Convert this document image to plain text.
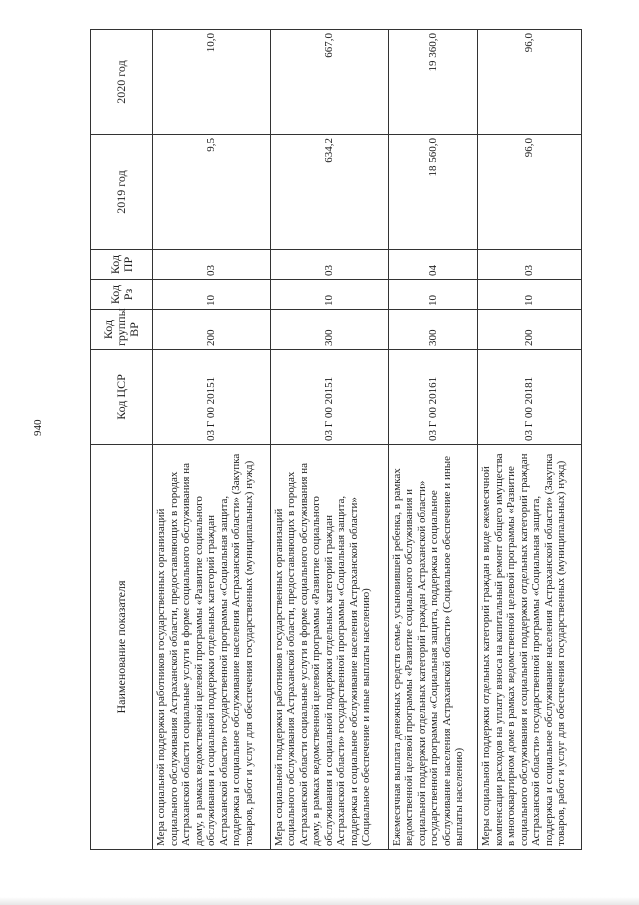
940
Наименование показателя	Код ЦСР	Код группы ВР	Код Рз	Код ПР	2019 год	2020 год
Мера социальной поддержки работников государственных организаций социального обслуживания Астраханской области, предоставляющих в городах Астраханской области социальные услуги в форме социального обслуживания на дому, в рамках ведомственной целевой программы «Развитие социального обслуживания и социальной поддержки отдельных категорий граждан Астраханской области» государственной программы «Социальная защита, поддержка и социальное обслуживание населения Астраханской области» (Закупка товаров, работ и услуг для обеспечения государственных (муниципальных) нужд)	03 Г 00 20151	200	10	03	9,5	10,0
Мера социальной поддержки работников государственных организаций социального обслуживания Астраханской области, предоставляющих в городах Астраханской области социальные услуги в форме социального обслуживания на дому, в рамках ведомственной целевой программы «Развитие социального обслуживания и социальной поддержки отдельных категорий граждан Астраханской области» государственной программы «Социальная защита, поддержка и социальное обслуживание населения Астраханской области» (Социальное обеспечение и иные выплаты населению)	03 Г 00 20151	300	10	03	634,2	667,0
Ежемесячная выплата денежных средств семье, усыновившей ребенка, в рамках ведомственной целевой программы «Развитие социального обслуживания и социальной поддержки отдельных категорий граждан Астраханской области» государственной программы «Социальная защита, поддержка и социальное обслуживание населения Астраханской области» (Социальное обеспечение и иные выплаты населению)	03 Г 00 20161	300	10	04	18 560,0	19 360,0
Меры социальной поддержки отдельных категорий граждан в виде ежемесячной компенсации расходов на уплату взноса на капитальный ремонт общего имущества в многоквартирном доме в рамках ведомственной целевой программы «Развитие социального обслуживания и социальной поддержки отдельных категорий граждан Астраханской области» государственной программы «Социальная защита, поддержка и социальное обслуживание населения Астраханской области» (Закупка товаров, работ и услуг для обеспечения государственных (муниципальных) нужд)	03 Г 00 20181	200	10	03	96,0	96,0
